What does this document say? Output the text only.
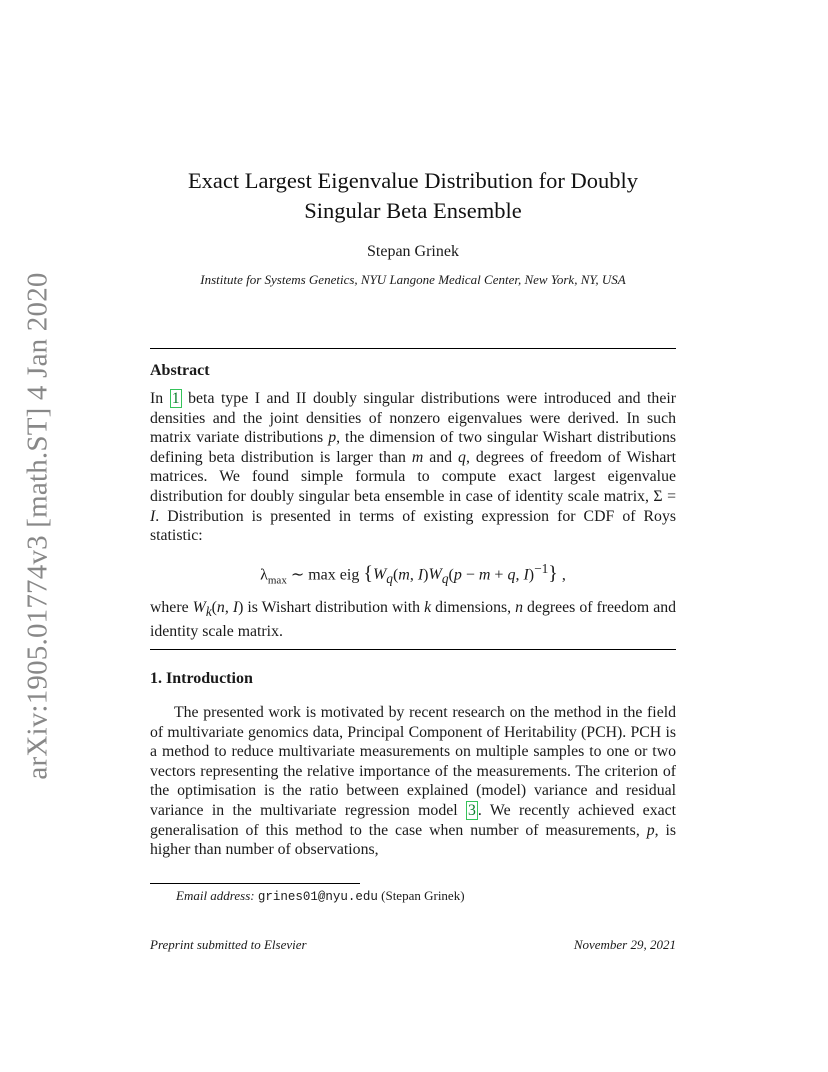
arXiv:1905.01774v3 [math.ST] 4 Jan 2020
Exact Largest Eigenvalue Distribution for Doubly
Singular Beta Ensemble
Stepan Grinek
Institute for Systems Genetics, NYU Langone Medical Center, New York, NY, USA
Abstract
In 1 beta type I and II doubly singular distributions were introduced and their densities and the joint densities of nonzero eigenvalues were derived. In such matrix variate distributions p, the dimension of two singular Wishart distributions defining beta distribution is larger than m and q, degrees of freedom of Wishart matrices. We found simple formula to compute exact largest eigenvalue distribution for doubly singular beta ensemble in case of identity scale matrix, Σ = I. Distribution is presented in terms of existing expression for CDF of Roys statistic:
$\lambda_{max}$ ∼ max eig {$W_q(m$, $I)W_q(p - m + q$, I)$^{-1}$} ,
where $W_k(n$, I) is Wishart distribution with k dimensions, n degrees of freedom and identity scale matrix.
1. Introduction
The presented work is motivated by recent research on the method in the field of multivariate genomics data, Principal Component of Heritability (PCH). PCH is a method to reduce multivariate measurements on multiple samples to one or two vectors representing the relative importance of the measurements. The criterion of the optimisation is the ratio between explained (model) variance and residual variance in the multivariate regression model 3 . We recently achieved exact generalisation of this method to the case when number of measurements, p, is higher than number of observations,
Email address: grines01@nyu.edu (Stepan Grinek)
Preprint submitted to Elsevier	November 29, 2021
